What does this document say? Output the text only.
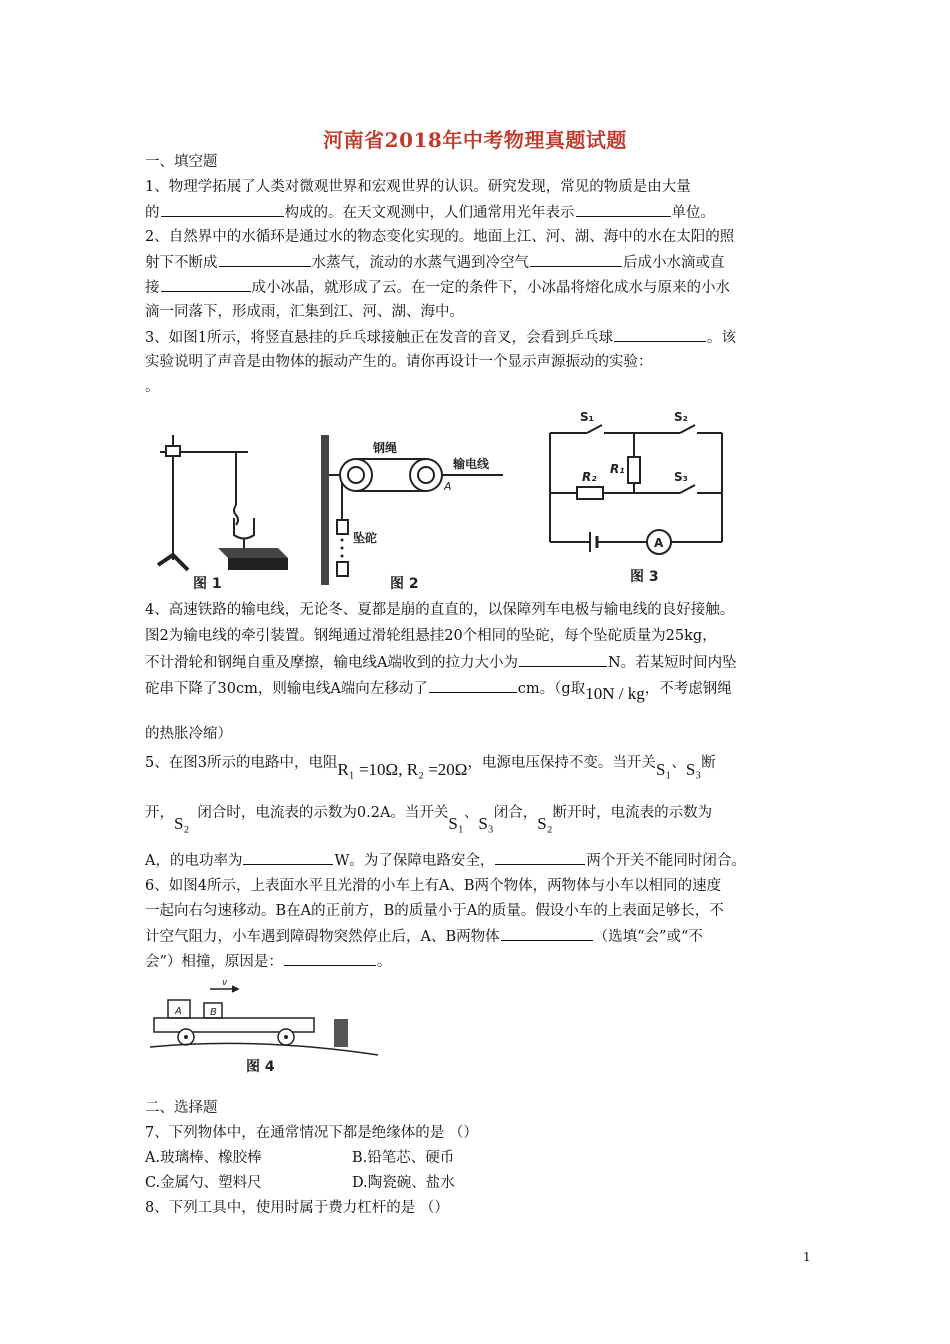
河南省2018年中考物理真题试题
一、填空题
1、物理学拓展了人类对微观世界和宏观世界的认识。研究发现，常见的物质是由大量
的	构成的。在天文观测中，人们通常用光年表示	单位。
2、自然界中的水循环是通过水的物态变化实现的。地面上江、河、湖、海中的水在太阳的照
射下不断成	水蒸气，流动的水蒸气遇到冷空气	后成小水滴或直
接	成小冰晶，就形成了云。在一定的条件下，小冰晶将熔化成水与原来的小水
滴一同落下，形成雨，汇集到江、河、湖、海中。
3、如图1所示，将竖直悬挂的乒乓球接触正在发音的音叉，会看到乒乓球	。该
实验说明了声音是由物体的振动产生的。请你再设计一个显示声源振动的实验：
。
图 1
钢绳
输电线
A
坠砣
图 2
S₁	S₂
S₃
R₁
R₂
A
图 3
4、高速铁路的输电线，无论冬、夏都是崩的直直的，以保障列车电极与输电线的良好接触。
图2为输电线的牵引装置。钢绳通过滑轮组悬挂20个相同的坠砣，每个坠砣质量为25kg，
不计滑轮和钢绳自重及摩擦，输电线A端收到的拉力大小为	N。若某短时间内坠
砣串下降了30cm，则输电线A端向左移动了	cm。（g取10N / kg，不考虑钢绳
的热胀冷缩）
5、在图3所示的电路中，电阻R₁ =10Ω, R₂ =20Ω，电源电压保持不变。当开关S₁、S₃断
开，S₂闭合时，电流表的示数为0.2A。当开关S₁、S₃闭合，S₂断开时，电流表的示数为
A，的电功率为	W。为了保障电路安全，	两个开关不能同时闭合。
6、如图4所示，上表面水平且光滑的小车上有A、B两个物体，两物体与小车以相同的速度
一起向右匀速移动。B在A的正前方，B的质量小于A的质量。假设小车的上表面足够长，不
计空气阻力，小车遇到障碍物突然停止后，A、B两物体	（选填“会”或“不
会”）相撞，原因是：	。
A	B
v
图 4
二、选择题
7、下列物体中，在通常情况下都是绝缘体的是 （）
A.玻璃棒、橡胶棒	B.铅笔芯、硬币
C.金属勺、塑料尺	D.陶瓷碗、盐水
8、下列工具中，使用时属于费力杠杆的是 （）
1
